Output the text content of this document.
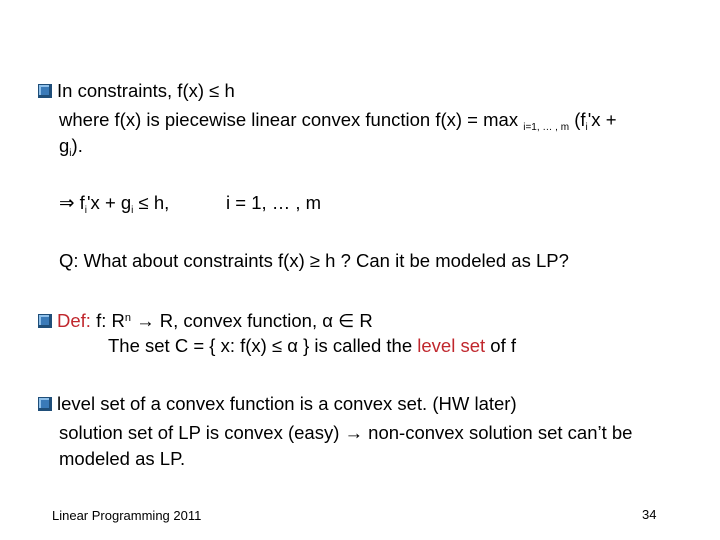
In constraints, f(x) ≤ h
where f(x) is piecewise linear convex function f(x) = max $_{i=1, \dots , m}$ ($f_i'x$ +
$g_i$).
⇒ $f_i'x + g_i \le h$,	i = 1, … , m
Q: What about constraints f(x) ≥ h ? Can it be modeled as LP?
Def: f: $R^n \to R$, convex function, α ∈ R
The set C = { x: f(x) ≤ α } is called the level set of f
level set of a convex function is a convex set. (HW later)
solution set of LP is convex (easy) → non-convex solution set can’t be
modeled as LP.
Linear Programming 2011	34
